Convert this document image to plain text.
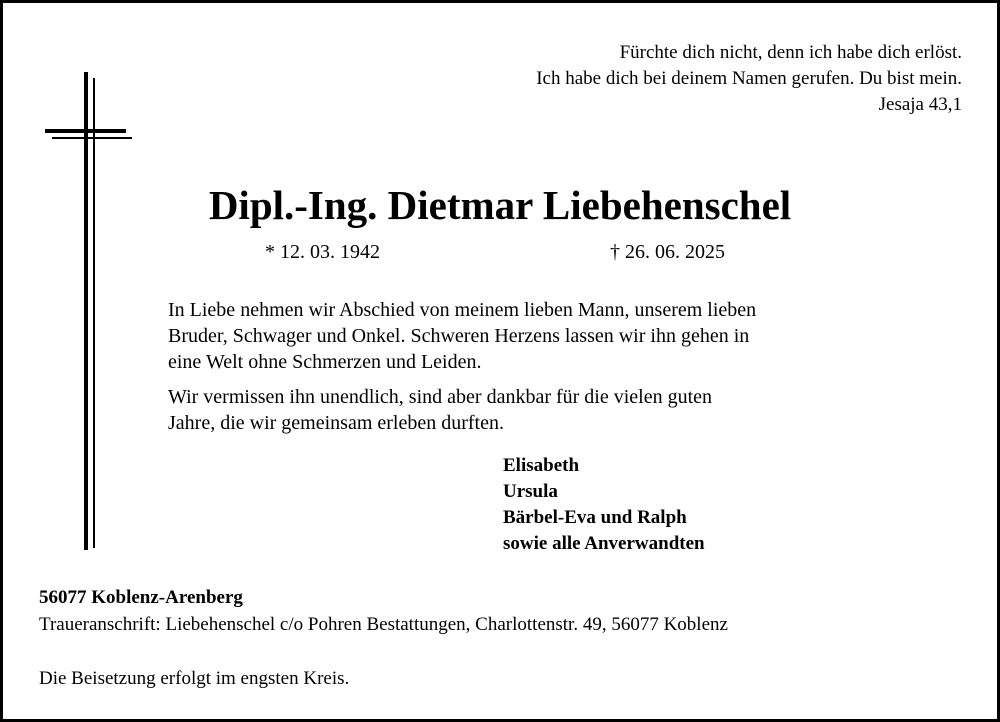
Fürchte dich nicht, denn ich habe dich erlöst.
Ich habe dich bei deinem Namen gerufen. Du bist mein.
Jesaja 43,1
Dipl.-Ing. Dietmar Liebehenschel
* 12. 03. 1942	† 26. 06. 2025

In Liebe nehmen wir Abschied von meinem lieben Mann, unserem lieben
Bruder, Schwager und Onkel. Schweren Herzens lassen wir ihn gehen in
eine Welt ohne Schmerzen und Leiden.

Wir vermissen ihn unendlich, sind aber dankbar für die vielen guten
Jahre, die wir gemeinsam erleben durften.

Elisabeth
Ursula
Bärbel-Eva und Ralph
sowie alle Anverwandten
56077 Koblenz-Arenberg
Traueranschrift: Liebehenschel c/o Pohren Bestattungen, Charlottenstr. 49, 56077 Koblenz
Die Beisetzung erfolgt im engsten Kreis.
